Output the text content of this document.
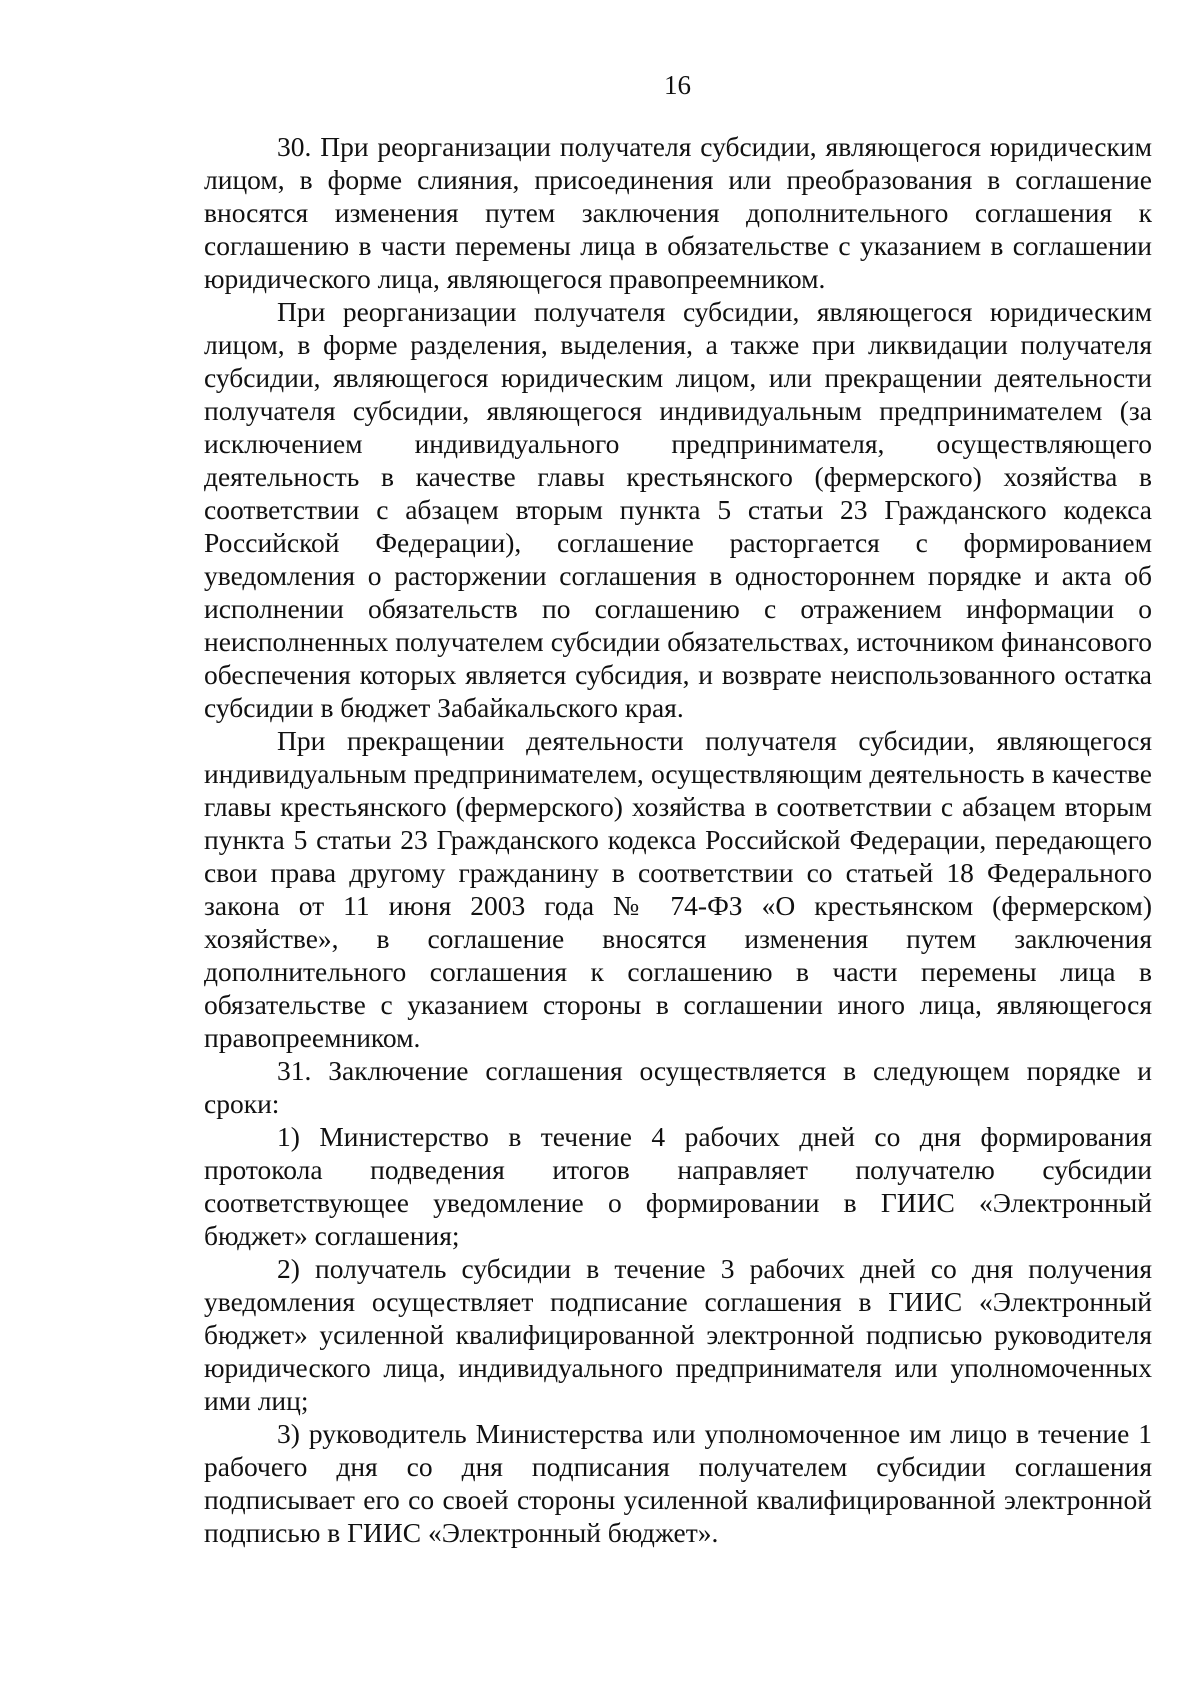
16

30. При реорганизации получателя субсидии, являющегося юридическим лицом, в форме слияния, присоединения или преобразования в соглашение вносятся изменения путем заключения дополнительного соглашения к соглашению в части перемены лица в обязательстве с указанием в соглашении юридического лица, являющегося правопреемником.

При реорганизации получателя субсидии, являющегося юридическим лицом, в форме разделения, выделения, а также при ликвидации получателя субсидии, являющегося юридическим лицом, или прекращении деятельности получателя субсидии, являющегося индивидуальным предпринимателем (за исключением индивидуального предпринимателя, осуществляющего деятельность в качестве главы крестьянского (фермерского) хозяйства в соответствии с абзацем вторым пункта 5 статьи 23 Гражданского кодекса Российской Федерации), соглашение расторгается с формированием уведомления о расторжении соглашения в одностороннем порядке и акта об исполнении обязательств по соглашению с отражением информации о неисполненных получателем субсидии обязательствах, источником финансового обеспечения которых является субсидия, и возврате неиспользованного остатка субсидии в бюджет Забайкальского края.

При прекращении деятельности получателя субсидии, являющегося индивидуальным предпринимателем, осуществляющим деятельность в качестве главы крестьянского (фермерского) хозяйства в соответствии с абзацем вторым пункта 5 статьи 23 Гражданского кодекса Российской Федерации, передающего свои права другому гражданину в соответствии со статьей 18 Федерального закона от 11 июня 2003 года № 74-ФЗ «О крестьянском (фермерском) хозяйстве», в соглашение вносятся изменения путем заключения дополнительного соглашения к соглашению в части перемены лица в обязательстве с указанием стороны в соглашении иного лица, являющегося правопреемником.

31. Заключение соглашения осуществляется в следующем порядке и сроки:

1) Министерство в течение 4 рабочих дней со дня формирования протокола подведения итогов направляет получателю субсидии соответствующее уведомление о формировании в ГИИС «Электронный бюджет» соглашения;

2) получатель субсидии в течение 3 рабочих дней со дня получения уведомления осуществляет подписание соглашения в ГИИС «Электронный бюджет» усиленной квалифицированной электронной подписью руководителя юридического лица, индивидуального предпринимателя или уполномоченных ими лиц;

3) руководитель Министерства или уполномоченное им лицо в течение 1 рабочего дня со дня подписания получателем субсидии соглашения подписывает его со своей стороны усиленной квалифицированной электронной подписью в ГИИС «Электронный бюджет».
